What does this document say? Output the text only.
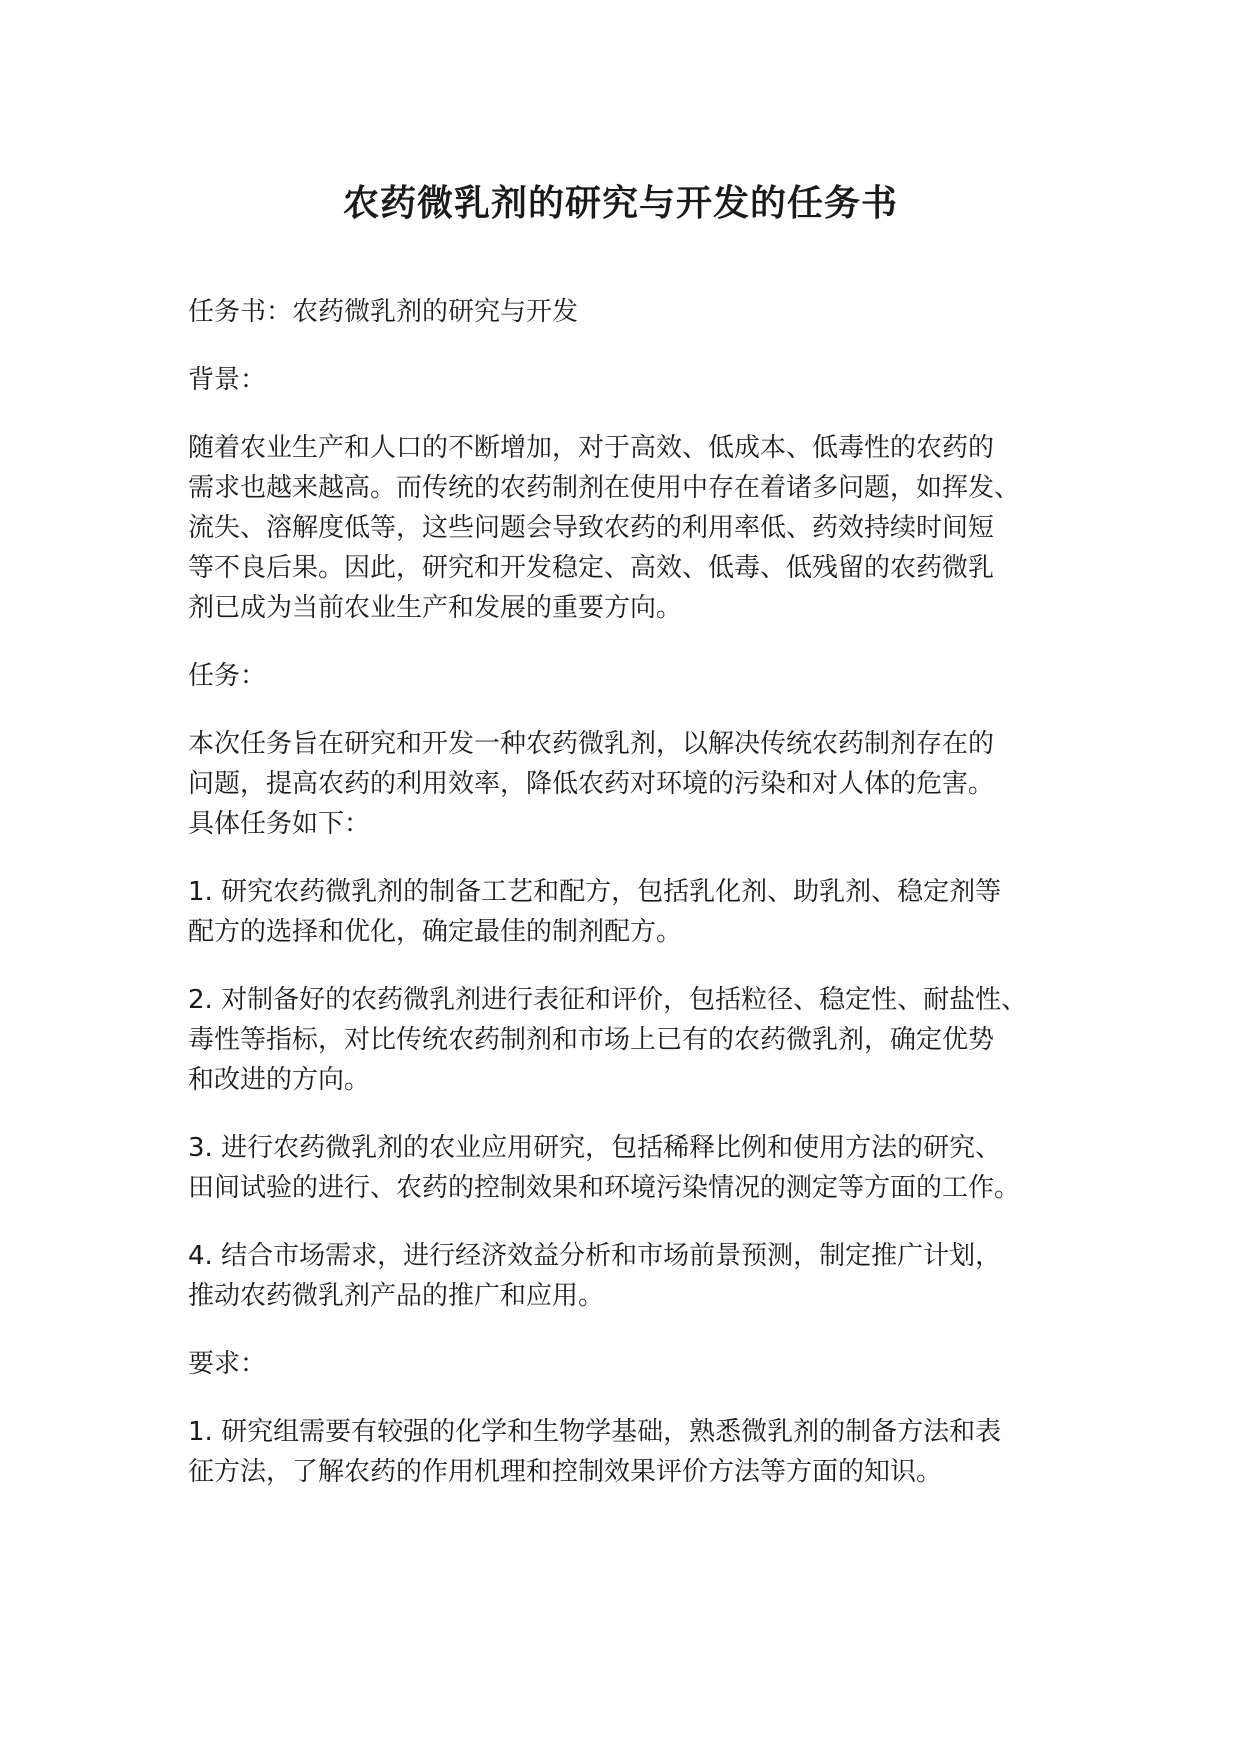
农药微乳剂的研究与开发的任务书

任务书：农药微乳剂的研究与开发

背景：

随着农业生产和人口的不断增加，对于高效、低成本、低毒性的农药的
需求也越来越高。而传统的农药制剂在使用中存在着诸多问题，如挥发、
流失、溶解度低等，这些问题会导致农药的利用率低、药效持续时间短
等不良后果。因此，研究和开发稳定、高效、低毒、低残留的农药微乳
剂已成为当前农业生产和发展的重要方向。

任务：

本次任务旨在研究和开发一种农药微乳剂，以解决传统农药制剂存在的
问题，提高农药的利用效率，降低农药对环境的污染和对人体的危害。
具体任务如下：

1. 研究农药微乳剂的制备工艺和配方，包括乳化剂、助乳剂、稳定剂等
配方的选择和优化，确定最佳的制剂配方。

2. 对制备好的农药微乳剂进行表征和评价，包括粒径、稳定性、耐盐性、
毒性等指标，对比传统农药制剂和市场上已有的农药微乳剂，确定优势
和改进的方向。

3. 进行农药微乳剂的农业应用研究，包括稀释比例和使用方法的研究、
田间试验的进行、农药的控制效果和环境污染情况的测定等方面的工作。

4. 结合市场需求，进行经济效益分析和市场前景预测，制定推广计划，
推动农药微乳剂产品的推广和应用。

要求：

1. 研究组需要有较强的化学和生物学基础，熟悉微乳剂的制备方法和表
征方法，了解农药的作用机理和控制效果评价方法等方面的知识。
